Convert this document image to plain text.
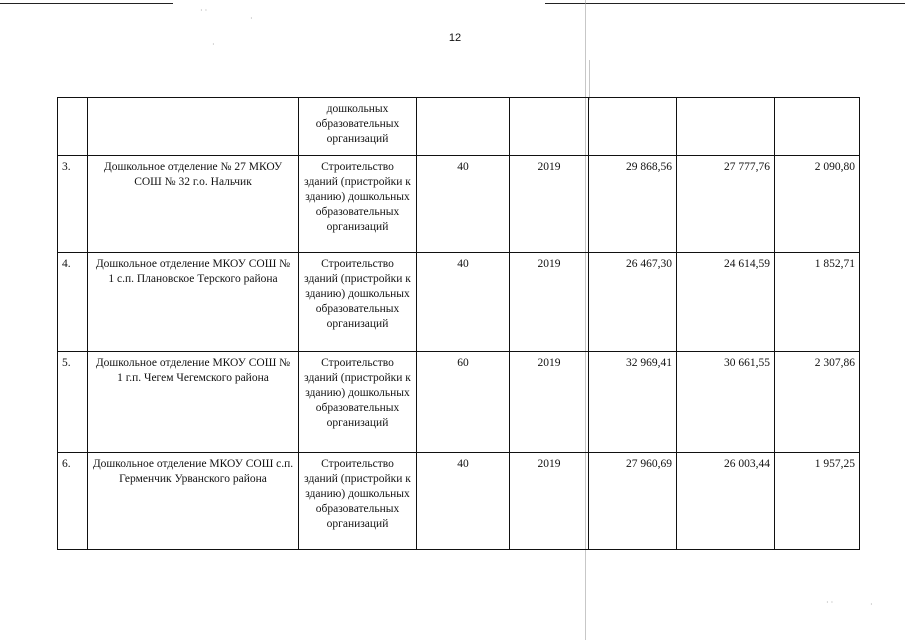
· ·
·
·
· ·	·
12
		дошкольных образовательных организаций					
3.	Дошкольное отделение № 27 МКОУ СОШ № 32 г.о. Нальчик	Строительство зданий (пристройки к зданию) дошкольных образовательных организаций	40	2019	29 868,56	27 777,76	2 090,80
4.	Дошкольное отделение МКОУ СОШ № 1 с.п. Плановское Терского района	Строительство зданий (пристройки к зданию) дошкольных образовательных организаций	40	2019	26 467,30	24 614,59	1 852,71
5.	Дошкольное отделение МКОУ СОШ № 1 г.п. Чегем Чегемского района	Строительство зданий (пристройки к зданию) дошкольных образовательных организаций	60	2019	32 969,41	30 661,55	2 307,86
6.	Дошкольное отделение МКОУ СОШ с.п. Герменчик Урванского района	Строительство зданий (пристройки к зданию) дошкольных образовательных организаций	40	2019	27 960,69	26 003,44	1 957,25
